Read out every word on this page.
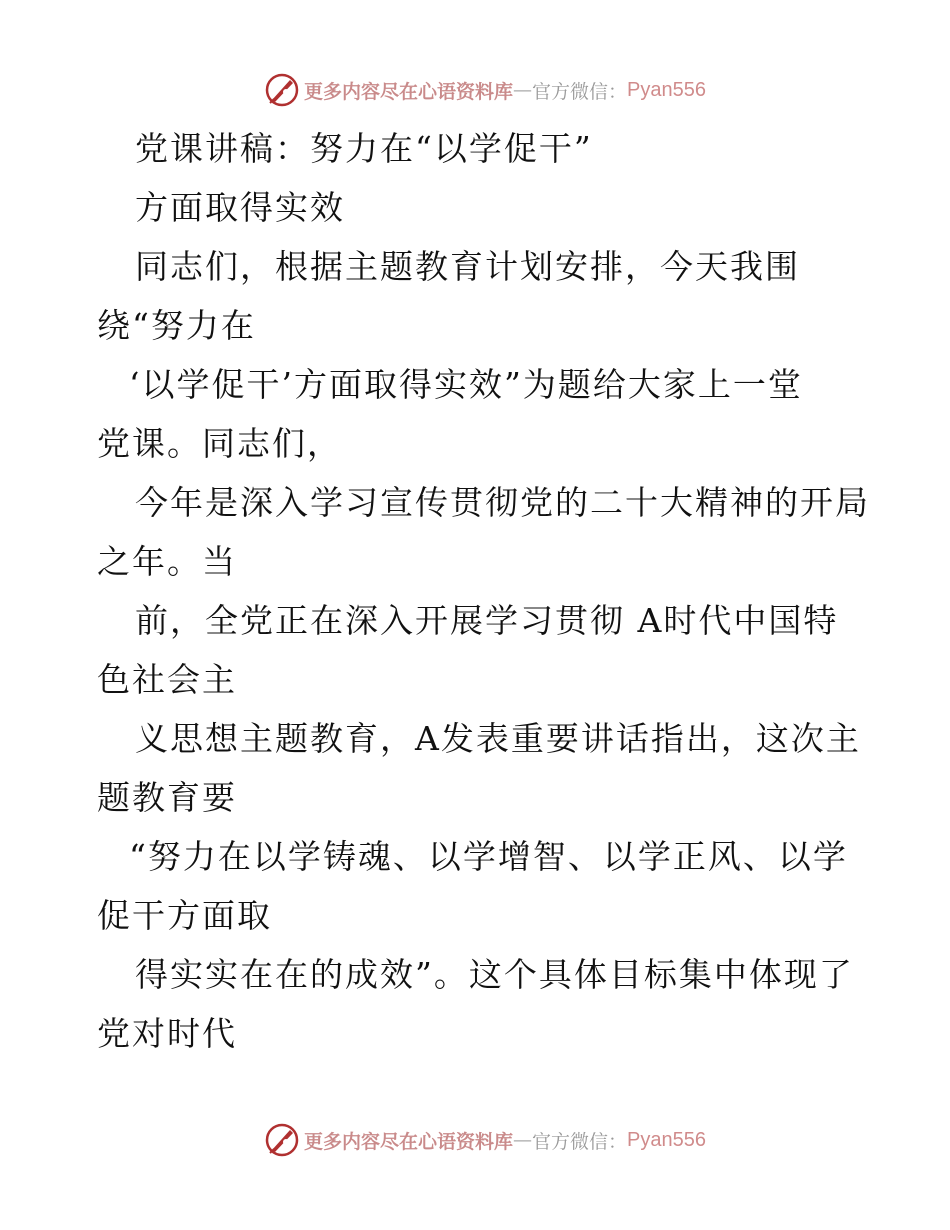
更多内容尽在心语资料库 — 官方微信： Pyan556
党课讲稿：努力在“以学促干”
方面取得实效
同志们，根据主题教育计划安排，今天我围
绕“努力在
‘以学促干’方面取得实效”为题给大家上一堂
党课。同志们，
今年是深入学习宣传贯彻党的二十大精神的开局
之年。当
前，全党正在深入开展学习贯彻 A时代中国特
色社会主
义思想主题教育，A发表重要讲话指出，这次主
题教育要
“努力在以学铸魂、以学增智、以学正风、以学
促干方面取
得实实在在的成效”。这个具体目标集中体现了
党对时代
更多内容尽在心语资料库 — 官方微信： Pyan556
